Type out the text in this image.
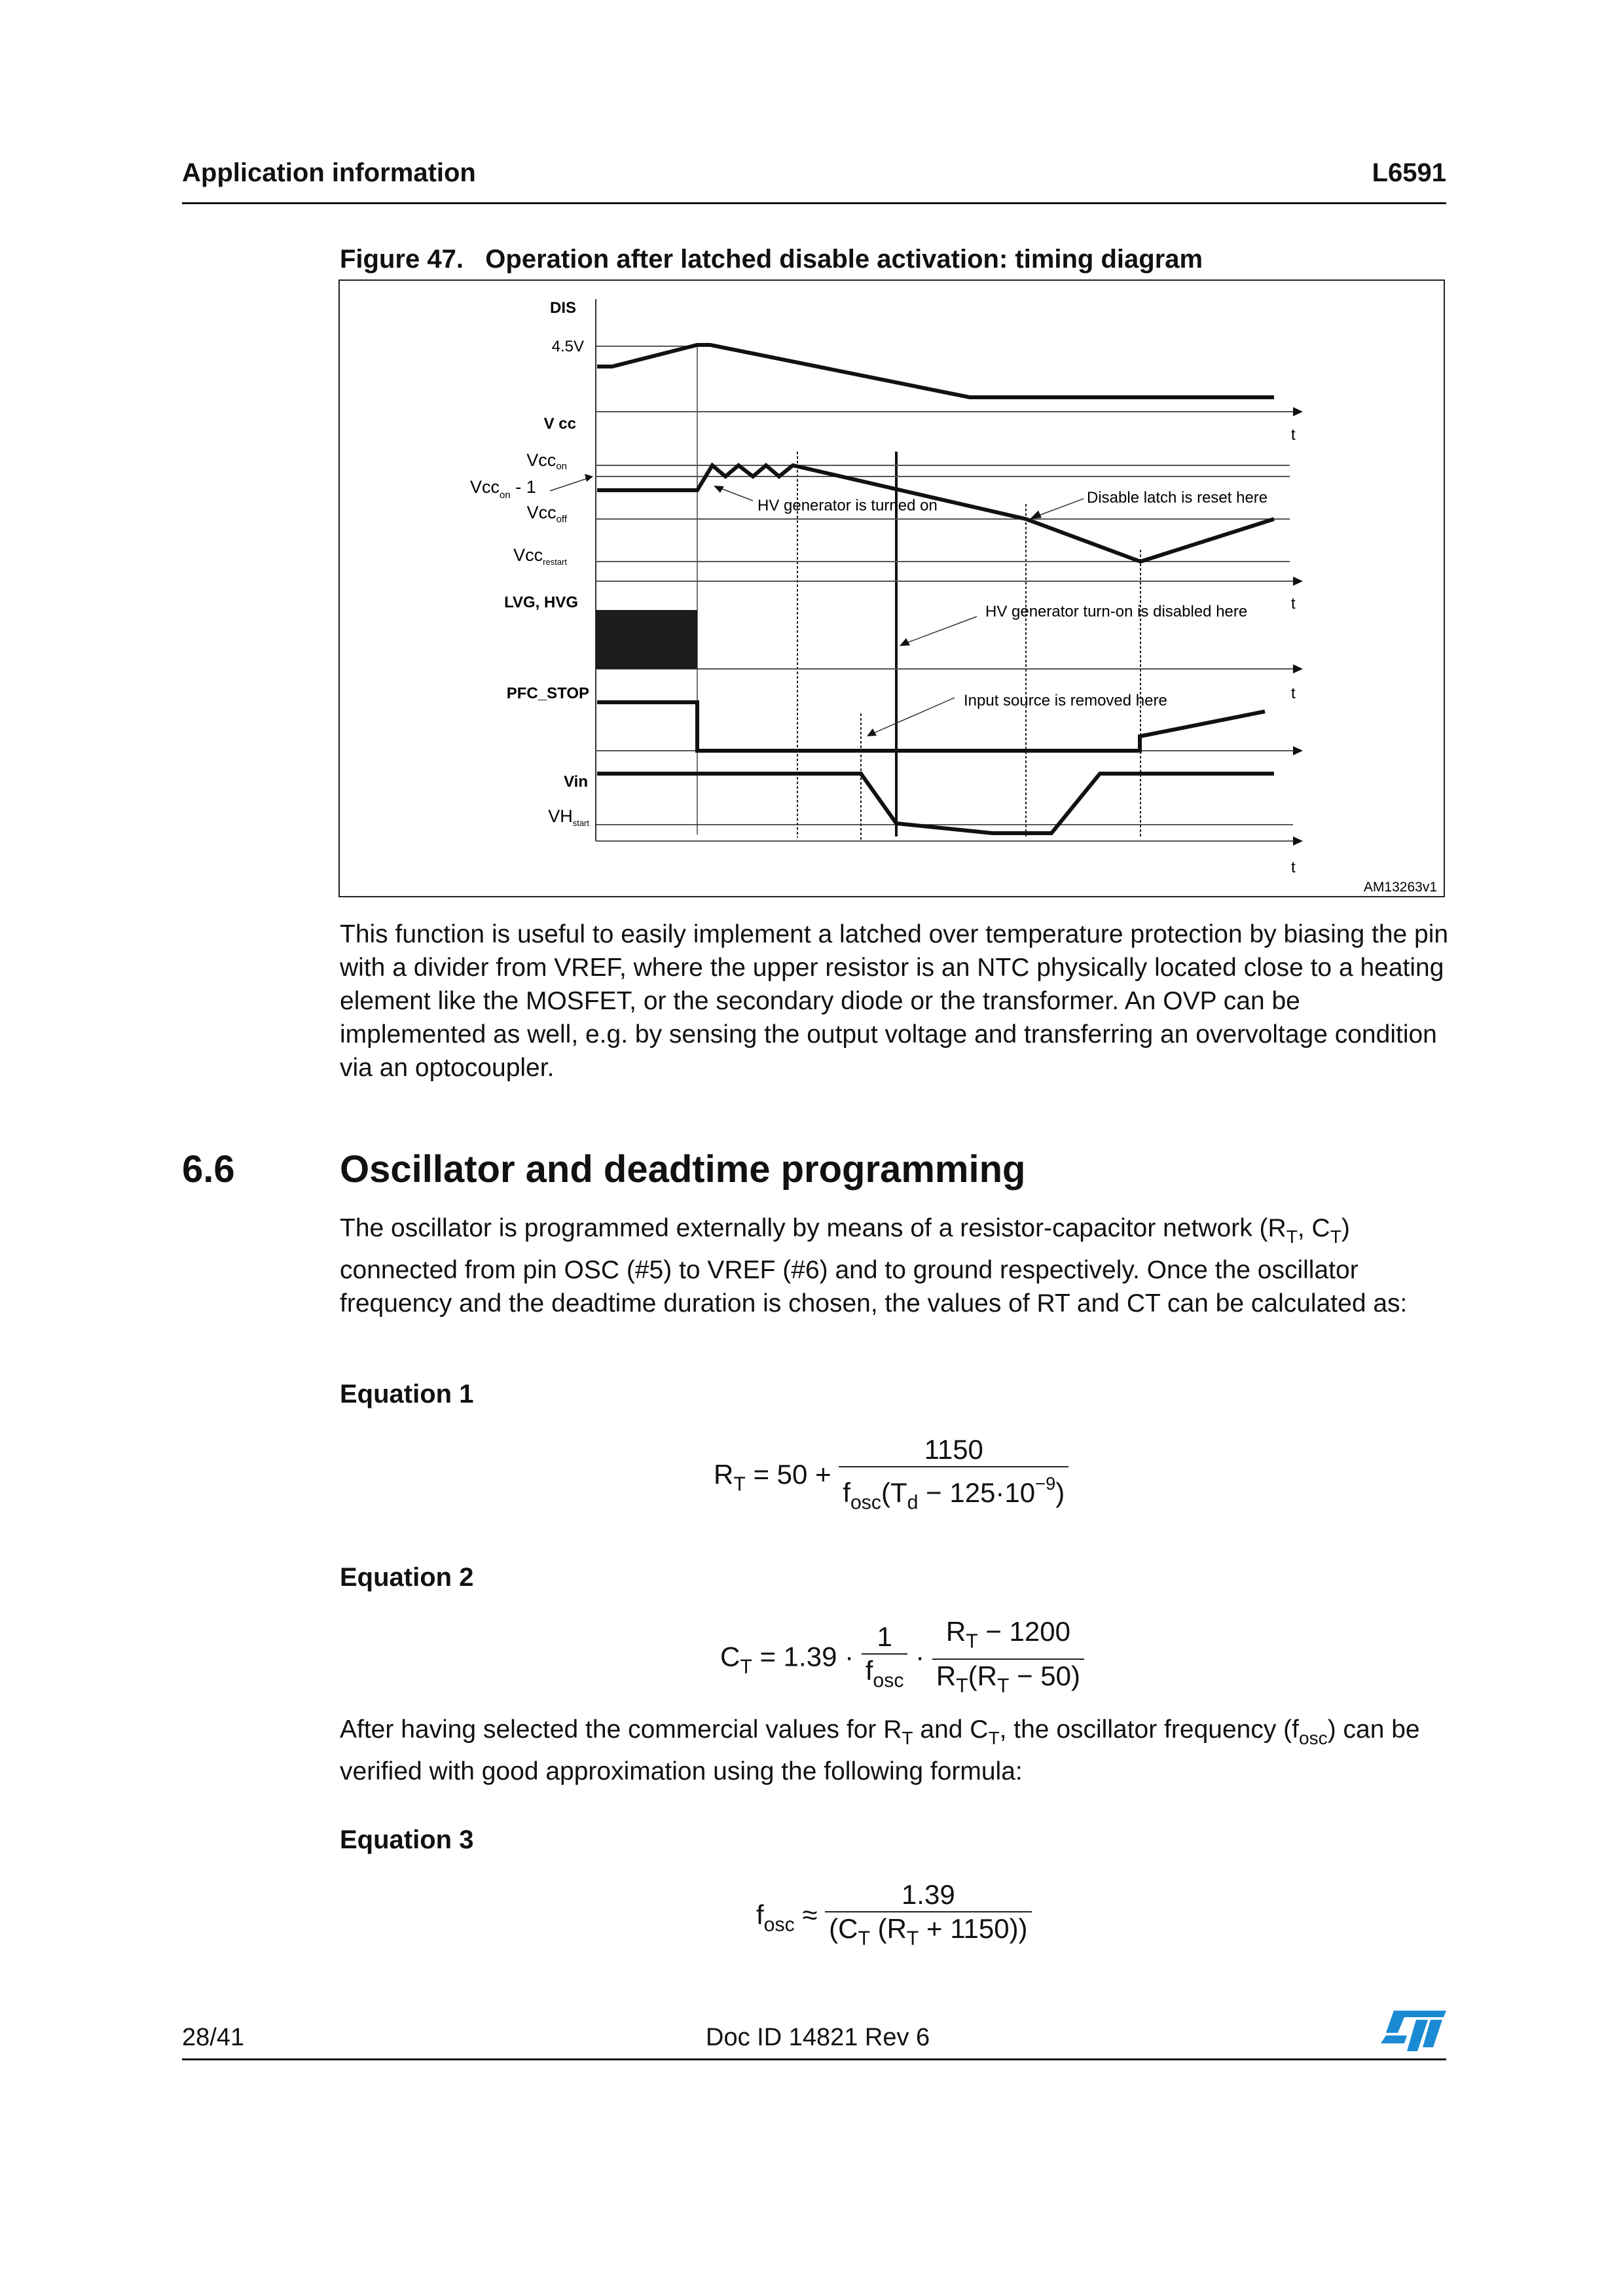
Application information	L6591
Figure 47. Operation after latched disable activation: timing diagram
DIS
4.5V
V cc
Vccon
Vcc$_{on}$ - 1
Vcc$_{off}$
Vcc$_{restart}$
LVG, HVG
PFC_STOP
Vin
$VH_{start}$
t
t
t
t
HV generator is turned on	Disable latch is reset here
HV generator turn-on is disabled here
Input source is removed here
AM13263v1
This function is useful to easily implement a latched over temperature protection by biasing the pin with a divider from VREF, where the upper resistor is an NTC physically located close to a heating element like the MOSFET, or the secondary diode or the transformer. An OVP can be implemented as well, e.g. by sensing the output voltage and transferring an overvoltage condition via an optocoupler.
6.6	Oscillator and deadtime programming
The oscillator is programmed externally by means of a resistor-capacitor network ($R_T$, $C_T$) connected from pin OSC (#5) to VREF (#6) and to ground respectively. Once the oscillator frequency and the deadtime duration is chosen, the values of RT and CT can be calculated as:
Equation 1
$R_T = 50 + \frac{1150}{f_{osc}(T_d - 125\cdot 10^{-9})}$
Equation 2
$C_T = 1.39 \cdot \frac{1}{f_{osc}} \cdot \frac{R_T - 1200}{R_T(R_T - 50)}$
After having selected the commercial values for $R_T$ and $C_T$, the oscillator frequency $(f_{osc})$ can be verified with good approximation using the following formula:
Equation 3
$f_{osc} \approx \frac{1.39}{(C_T (R_T + 1150))}$
28/41	Doc ID 14821 Rev 6
